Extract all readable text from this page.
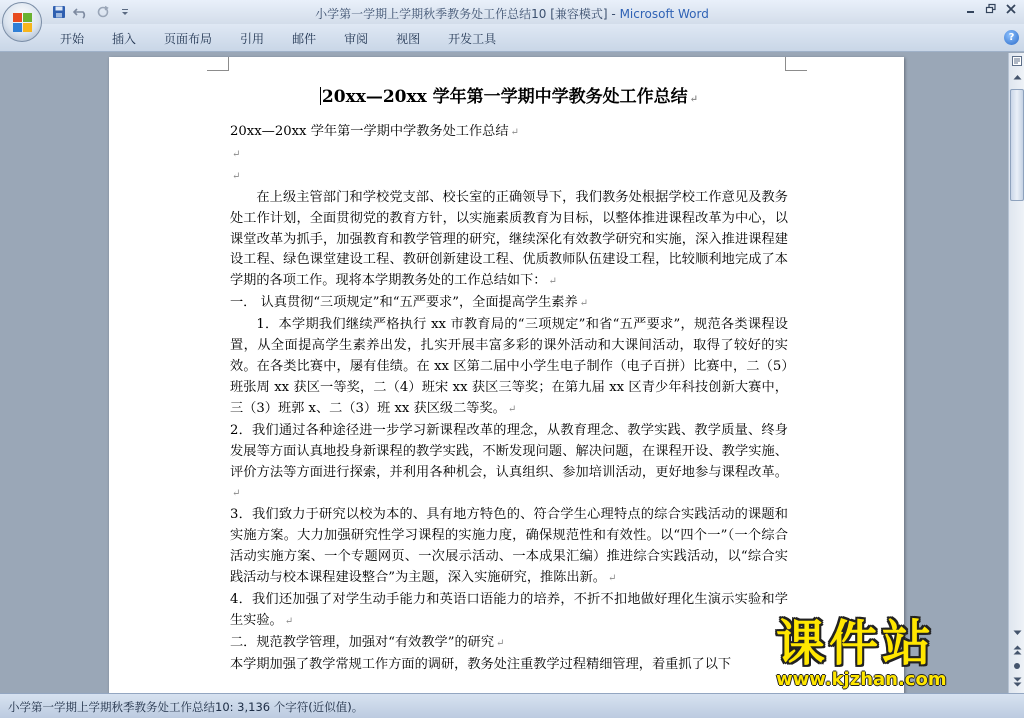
小学第一学期上学期秋季教务处工作总结10 [兼容模式] - Microsoft Word
开始	插入	页面布局	引用	邮件	审阅	视图	开发工具	?
20xx—20xx 学年第一学期中学教务处工作总结 ↵
20xx—20xx 学年第一学期中学教务处工作总结 ↵
↵
↵
在上级主管部门和学校党支部、校长室的正确领导下，我们教务处根据学校工作意见及教务处工作计划，全面贯彻党的教育方针，以实施素质教育为目标，以整体推进课程改革为中心，以课堂改革为抓手，加强教育和教学管理的研究，继续深化有效教学研究和实施，深入推进课程建设工程、绿色课堂建设工程、教研创新建设工程、优质教师队伍建设工程，比较顺利地完成了本学期的各项工作。现将本学期教务处的工作总结如下： ↵
一． 认真贯彻“三项规定”和“五严要求”，全面提高学生素养 ↵
1．本学期我们继续严格执行 xx 市教育局的“三项规定”和省“五严要求”，规范各类课程设置，从全面提高学生素养出发，扎实开展丰富多彩的课外活动和大课间活动，取得了较好的实效。在各类比赛中，屡有佳绩。在 xx 区第二届中小学生电子制作（电子百拼）比赛中，二（5）班张周 xx 获区一等奖，二（4）班宋 xx 获区三等奖；在第九届 xx 区青少年科技创新大赛中，三（3）班郭 x、二（3）班 xx 获区级二等奖。 ↵
2．我们通过各种途径进一步学习新课程改革的理念，从教育理念、教学实践、教学质量、终身发展等方面认真地投身新课程的教学实践，不断发现问题、解决问题，在课程开设、教学实施、评价方法等方面进行探索，并利用各种机会，认真组织、参加培训活动，更好地参与课程改革。↵
3．我们致力于研究以校为本的、具有地方特色的、符合学生心理特点的综合实践活动的课题和实施方案。大力加强研究性学习课程的实施力度，确保规范性和有效性。以“四个一”（一个综合活动实施方案、一个专题网页、一次展示活动、一本成果汇编）推进综合实践活动，以“综合实践活动与校本课程建设整合”为主题，深入实施研究，推陈出新。 ↵
4．我们还加强了对学生动手能力和英语口语能力的培养，不折不扣地做好理化生演示实验和学生实验。 ↵
二．规范教学管理，加强对“有效教学”的研究 ↵
本学期加强了教学常规工作方面的调研，教务处注重教学过程精细管理，着重抓了以下
小学第一学期上学期秋季教务处工作总结10: 3,136 个字符(近似值)。
课件站
www.kjzhan.com
